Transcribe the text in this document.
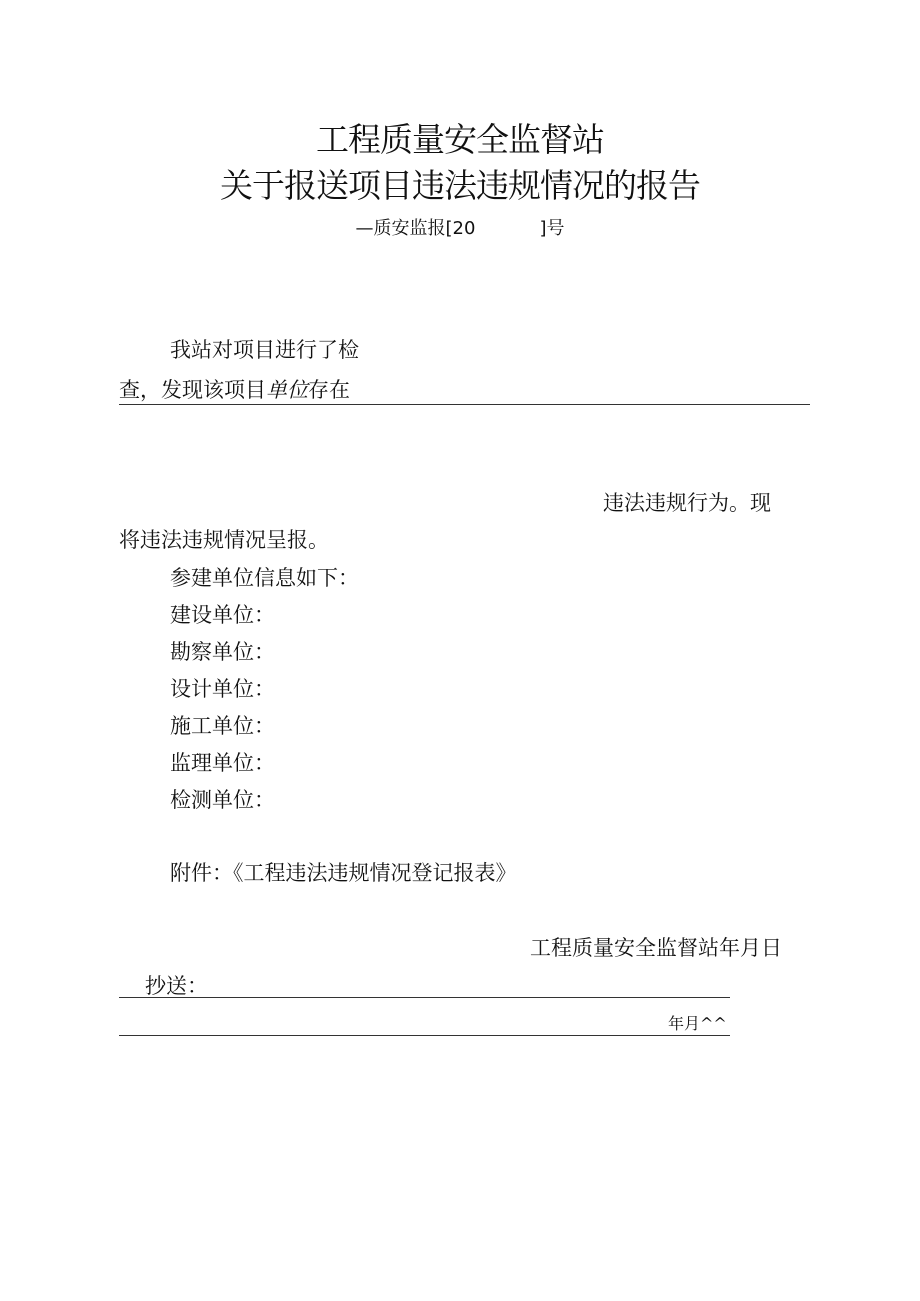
工程质量安全监督站
关于报送项目违法违规情况的报告
—质安监报[20	]号
我站对项目进行了检
查，发现该项目单位存在
违法违规行为。现
将违法违规情况呈报。
参建单位信息如下：
建设单位：
勘察单位：
设计单位：
施工单位：
监理单位：
检测单位：
附件：《工程违法违规情况登记报表》
工程质量安全监督站年月日
抄送：
年月^^
